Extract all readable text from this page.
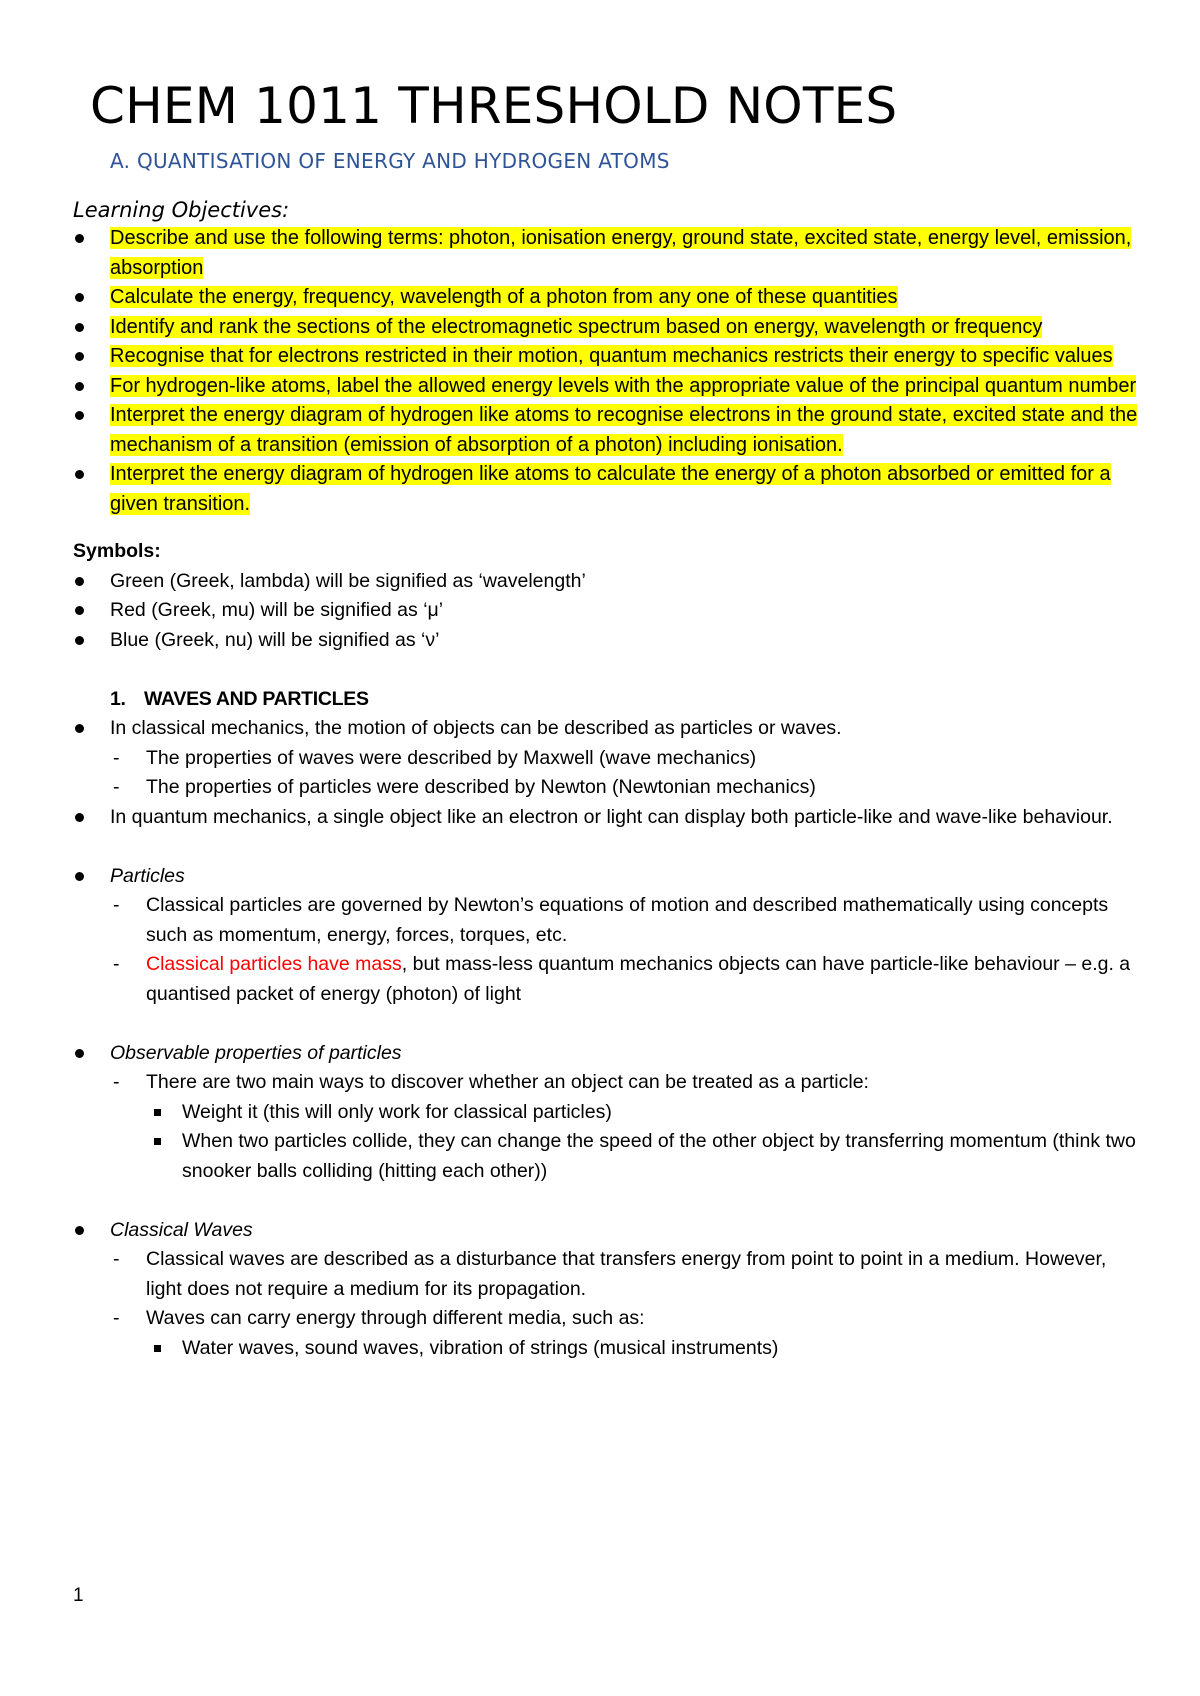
CHEM 1011 THRESHOLD NOTES
A. QUANTISATION OF ENERGY AND HYDROGEN ATOMS
Learning Objectives:
Describe and use the following terms: photon, ionisation energy, ground state, excited state, energy level, emission, absorption
Calculate the energy, frequency, wavelength of a photon from any one of these quantities
Identify and rank the sections of the electromagnetic spectrum based on energy, wavelength or frequency
Recognise that for electrons restricted in their motion, quantum mechanics restricts their energy to specific values
For hydrogen-like atoms, label the allowed energy levels with the appropriate value of the principal quantum number
Interpret the energy diagram of hydrogen like atoms to recognise electrons in the ground state, excited state and the mechanism of a transition (emission of absorption of a photon) including ionisation.
Interpret the energy diagram of hydrogen like atoms to calculate the energy of a photon absorbed or emitted for a given transition.
Symbols:
Green (Greek, lambda) will be signified as ‘wavelength’
Red (Greek, mu) will be signified as ‘μ’
Blue (Greek, nu) will be signified as ‘ν’
1. WAVES AND PARTICLES
In classical mechanics, the motion of objects can be described as particles or waves.
- The properties of waves were described by Maxwell (wave mechanics)
- The properties of particles were described by Newton (Newtonian mechanics)
In quantum mechanics, a single object like an electron or light can display both particle-like and wave-like behaviour.
Particles
- Classical particles are governed by Newton’s equations of motion and described mathematically using concepts such as momentum, energy, forces, torques, etc.
- Classical particles have mass, but mass-less quantum mechanics objects can have particle-like behaviour – e.g. a quantised packet of energy (photon) of light
Observable properties of particles
- There are two main ways to discover whether an object can be treated as a particle:
Weight it (this will only work for classical particles)
When two particles collide, they can change the speed of the other object by transferring momentum (think two snooker balls colliding (hitting each other))
Classical Waves
- Classical waves are described as a disturbance that transfers energy from point to point in a medium. However, light does not require a medium for its propagation.
- Waves can carry energy through different media, such as:
Water waves, sound waves, vibration of strings (musical instruments)
1
